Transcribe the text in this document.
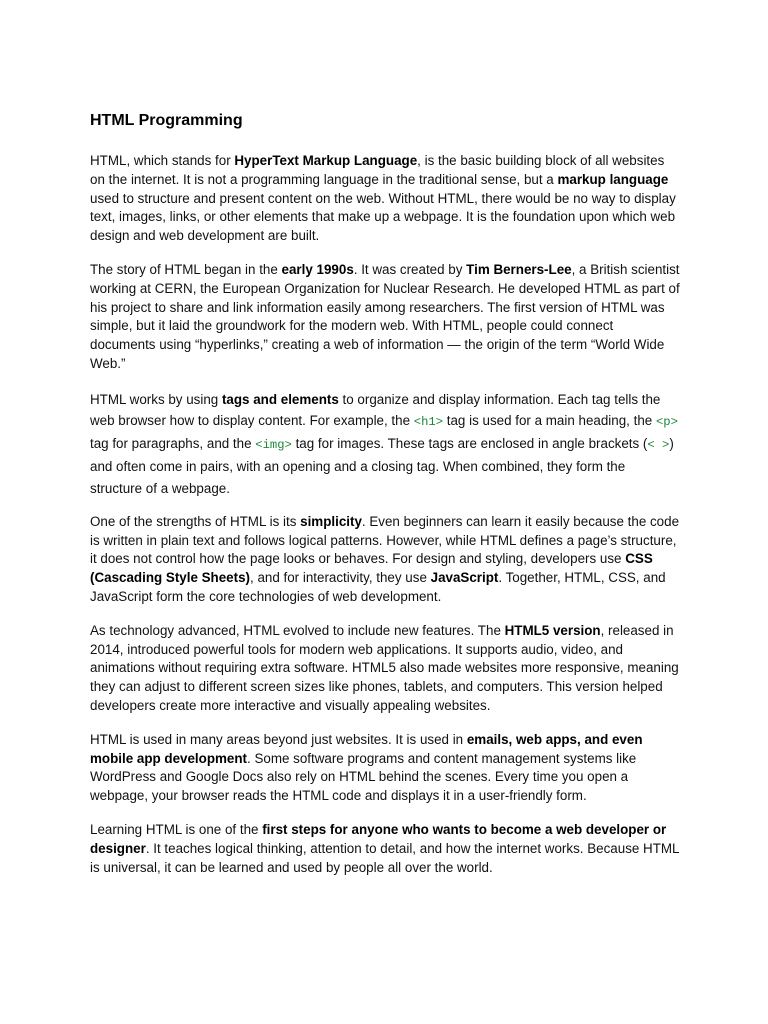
HTML Programming

HTML, which stands for HyperText Markup Language, is the basic building block of all websites on the internet. It is not a programming language in the traditional sense, but a markup language used to structure and present content on the web. Without HTML, there would be no way to display text, images, links, or other elements that make up a webpage. It is the foundation upon which web design and web development are built.

The story of HTML began in the early 1990s. It was created by Tim Berners-Lee, a British scientist working at CERN, the European Organization for Nuclear Research. He developed HTML as part of his project to share and link information easily among researchers. The first version of HTML was simple, but it laid the groundwork for the modern web. With HTML, people could connect documents using “hyperlinks,” creating a web of information — the origin of the term “World Wide Web.”

HTML works by using tags and elements to organize and display information. Each tag tells the web browser how to display content. For example, the <h1> tag is used for a main heading, the <p> tag for paragraphs, and the <img> tag for images. These tags are enclosed in angle brackets (< >) and often come in pairs, with an opening and a closing tag. When combined, they form the structure of a webpage.

One of the strengths of HTML is its simplicity. Even beginners can learn it easily because the code is written in plain text and follows logical patterns. However, while HTML defines a page’s structure, it does not control how the page looks or behaves. For design and styling, developers use CSS (Cascading Style Sheets), and for interactivity, they use JavaScript. Together, HTML, CSS, and JavaScript form the core technologies of web development.

As technology advanced, HTML evolved to include new features. The HTML5 version, released in 2014, introduced powerful tools for modern web applications. It supports audio, video, and animations without requiring extra software. HTML5 also made websites more responsive, meaning they can adjust to different screen sizes like phones, tablets, and computers. This version helped developers create more interactive and visually appealing websites.

HTML is used in many areas beyond just websites. It is used in emails, web apps, and even mobile app development. Some software programs and content management systems like WordPress and Google Docs also rely on HTML behind the scenes. Every time you open a webpage, your browser reads the HTML code and displays it in a user-friendly form.

Learning HTML is one of the first steps for anyone who wants to become a web developer or designer. It teaches logical thinking, attention to detail, and how the internet works. Because HTML is universal, it can be learned and used by people all over the world.
